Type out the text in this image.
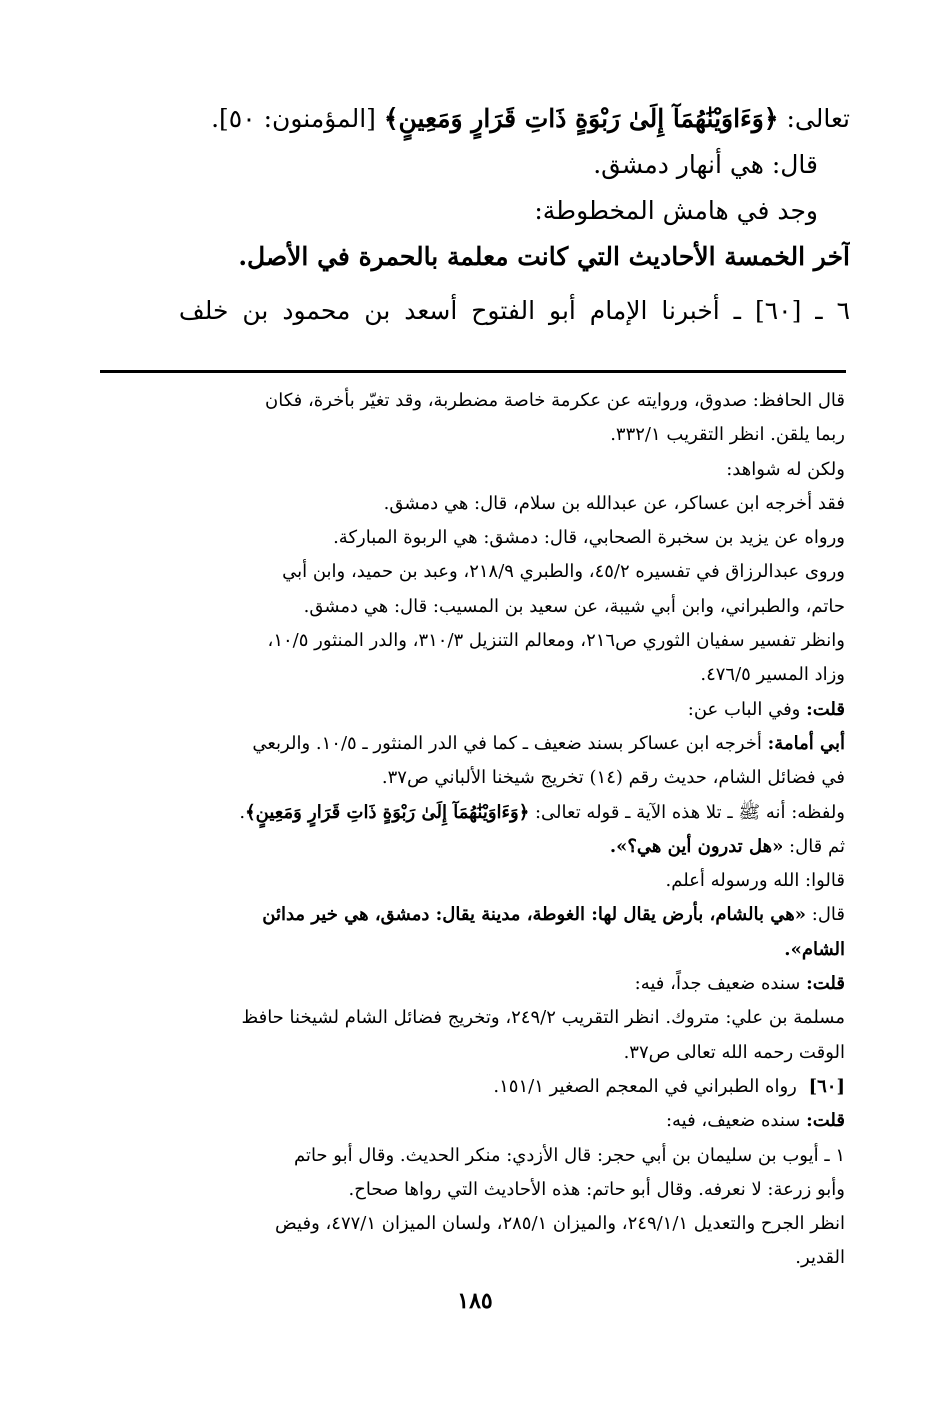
تعالى: ﴿وَءَاوَيْنَٰهُمَآ إِلَىٰ رَبْوَةٍ ذَاتِ قَرَارٍ وَمَعِينٍ﴾ [المؤمنون: ٥٠].
قال: هي أنهار دمشق.
وجد في هامش المخطوطة:
آخر الخمسة الأحاديث التي كانت معلمة بالحمرة في الأصل.
٦ ـ [٦٠] ـ أخبرنا الإمام أبو الفتوح أسعد بن محمود بن خلف
قال الحافظ: صدوق، وروايته عن عكرمة خاصة مضطربة، وقد تغيّر بأخرة، فكان
ربما يلقن. انظر التقريب ٣٣٢/١.
ولكن له شواهد:
فقد أخرجه ابن عساكر، عن عبدالله بن سلام، قال: هي دمشق.
ورواه عن يزيد بن سخبرة الصحابي، قال: دمشق: هي الربوة المباركة.
وروى عبدالرزاق في تفسيره ٤٥/٢، والطبري ٢١٨/٩، وعبد بن حميد، وابن أبي
حاتم، والطبراني، وابن أبي شيبة، عن سعيد بن المسيب: قال: هي دمشق.
وانظر تفسير سفيان الثوري ص٢١٦، ومعالم التنزيل ٣١٠/٣، والدر المنثور ١٠/٥،
وزاد المسير ٤٧٦/٥.
قلت: وفي الباب عن:
أبي أمامة: أخرجه ابن عساكر بسند ضعيف ـ كما في الدر المنثور ـ ١٠/٥. والربعي
في فضائل الشام، حديث رقم (١٤) تخريج شيخنا الألباني ص٣٧.
ولفظه: أنه ﷺ ـ تلا هذه الآية ـ قوله تعالى: ﴿وَءَاوَيْنَٰهُمَآ إِلَىٰ رَبْوَةٍ ذَاتِ قَرَارٍ وَمَعِينٍ﴾.
ثم قال: «هل تدرون أين هي؟».
قالوا: الله ورسوله أعلم.
قال: «هي بالشام، بأرض يقال لها: الغوطة، مدينة يقال: دمشق، هي خير مدائن
الشام».
قلت: سنده ضعيف جداً، فيه:
مسلمة بن علي: متروك. انظر التقريب ٢٤٩/٢، وتخريج فضائل الشام لشيخنا حافظ
الوقت رحمه الله تعالى ص٣٧.
[٦٠] رواه الطبراني في المعجم الصغير ١٥١/١.
قلت: سنده ضعيف، فيه:
١ ـ أيوب بن سليمان بن أبي حجر: قال الأزدي: منكر الحديث. وقال أبو حاتم
وأبو زرعة: لا نعرفه. وقال أبو حاتم: هذه الأحاديث التي رواها صحاح.
انظر الجرح والتعديل ٢٤٩/١/١، والميزان ٢٨٥/١، ولسان الميزان ٤٧٧/١، وفيض
القدير.
١٨٥
